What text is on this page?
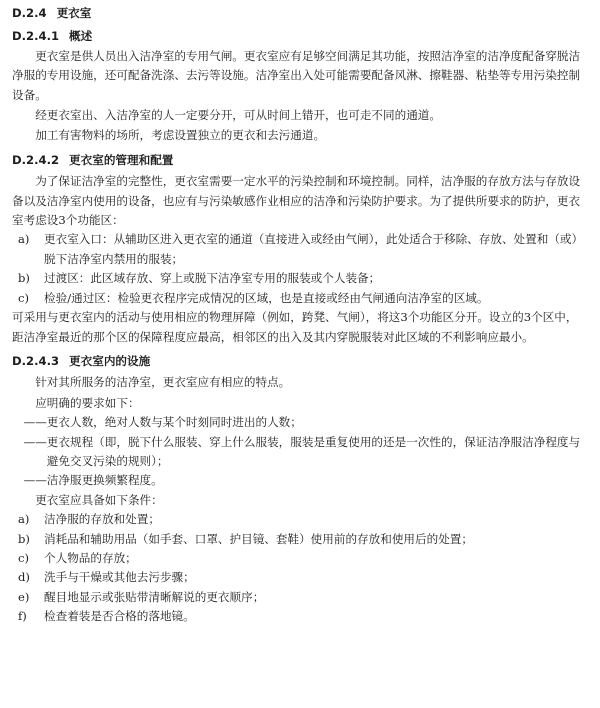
D.2.4 更衣室
D.2.4.1 概述

更衣室是供人员出入洁净室的专用气闸。更衣室应有足够空间满足其功能，按照洁净室的洁净度配备穿脱洁净服的专用设施，还可配备洗涤、去污等设施。洁净室出入处可能需要配备风淋、擦鞋器、粘垫等专用污染控制设备。

经更衣室出、入洁净室的人一定要分开，可从时间上错开，也可走不同的通道。

加工有害物料的场所，考虑设置独立的更衣和去污通道。

D.2.4.2 更衣室的管理和配置

为了保证洁净室的完整性，更衣室需要一定水平的污染控制和环境控制。同样，洁净服的存放方法与存放设备以及洁净室内使用的设备，也应有与污染敏感作业相应的洁净和污染防护要求。为了提供所要求的防护，更衣室考虑设3个功能区：

a)	更衣室入口：从辅助区进入更衣室的通道（直接进入或经由气闸），此处适合于移除、存放、处置和（或）脱下洁净室内禁用的服装；
b)	过渡区：此区域存放、穿上或脱下洁净室专用的服装或个人装备；
c)	检验/通过区：检验更衣程序完成情况的区域，也是直接或经由气闸通向洁净室的区域。

可采用与更衣室内的活动与使用相应的物理屏障（例如，跨凳、气闸），将这3个功能区分开。设立的3个区中，距洁净室最近的那个区的保障程度应最高，相邻区的出入及其内穿脱服装对此区域的不利影响应最小。

D.2.4.3 更衣室内的设施

针对其所服务的洁净室，更衣室应有相应的特点。

应明确的要求如下：

——更衣人数，绝对人数与某个时刻同时进出的人数；

——更衣规程（即，脱下什么服装、穿上什么服装，服装是重复使用的还是一次性的，保证洁净服洁净程度与避免交叉污染的规则）；

——洁净服更换频繁程度。

更衣室应具备如下条件：

a)	洁净服的存放和处置；
b)	消耗品和辅助用品（如手套、口罩、护目镜、套鞋）使用前的存放和使用后的处置；
c)	个人物品的存放；
d)	洗手与干燥或其他去污步骤；
e)	醒目地显示或张贴带清晰解说的更衣顺序；
f)	检查着装是否合格的落地镜。
